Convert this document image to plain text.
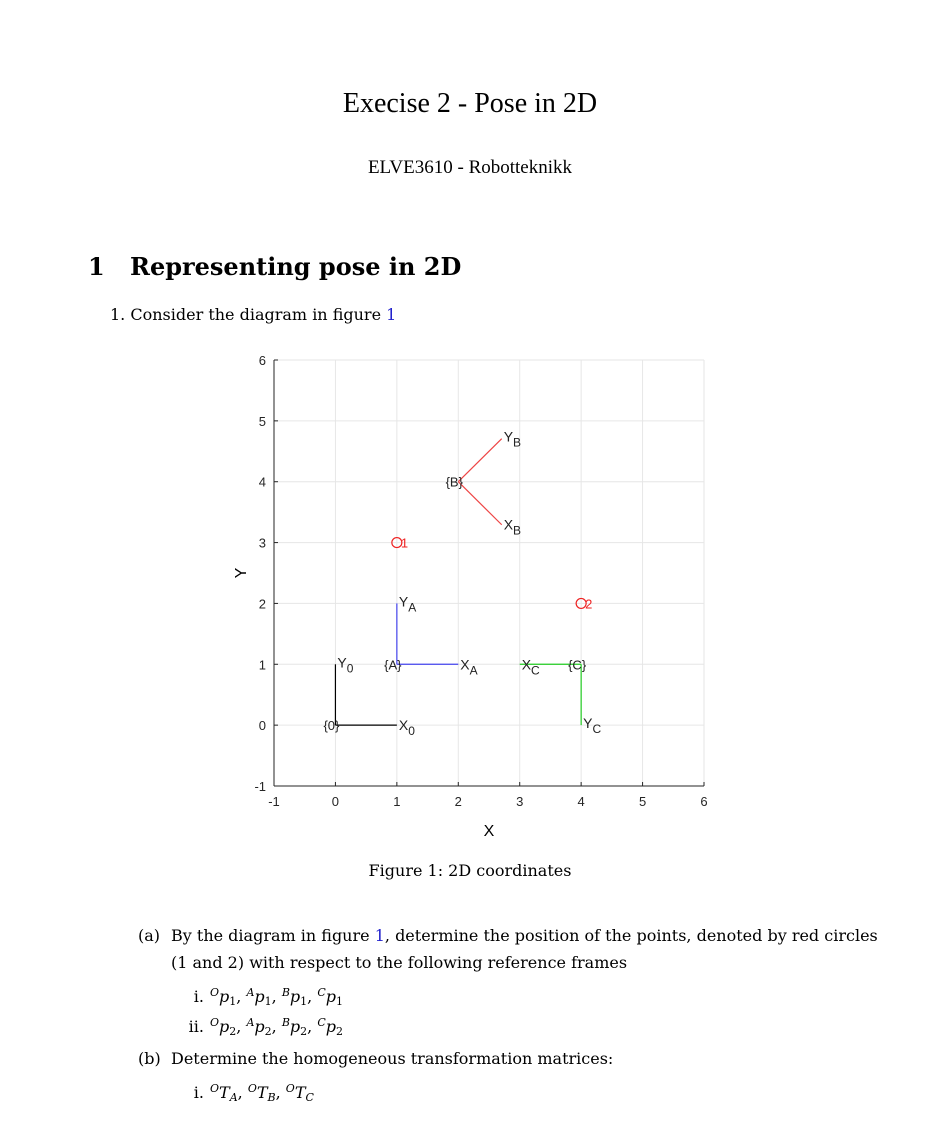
Execise 2 - Pose in 2D
ELVE3610 - Robotteknikk
1 Representing pose in 2D
1. Consider the diagram in figure 1
-1	0	1	2	3	4	5	6
-1
0
1
2
3
4
5
6
X
Y
{0}	X0
Y0 {A}	XA
YA
{B}
XB
YB
{C}
XC
YC
1
2
Figure 1: 2D coordinates
(a) By the diagram in figure 1, determine the position of the points, denoted by red circles
(1 and 2) with respect to the following reference frames
i. $^Op_1$, $^Ap_1$, $^Bp_1$, $^Cp_1$
ii. $^Op_2$, $^Ap_2$, $^Bp_2$, $^Cp_2$
(b) Determine the homogeneous transformation matrices:
i. $^OT_A$, $^OT_B$, $^OT_C$
